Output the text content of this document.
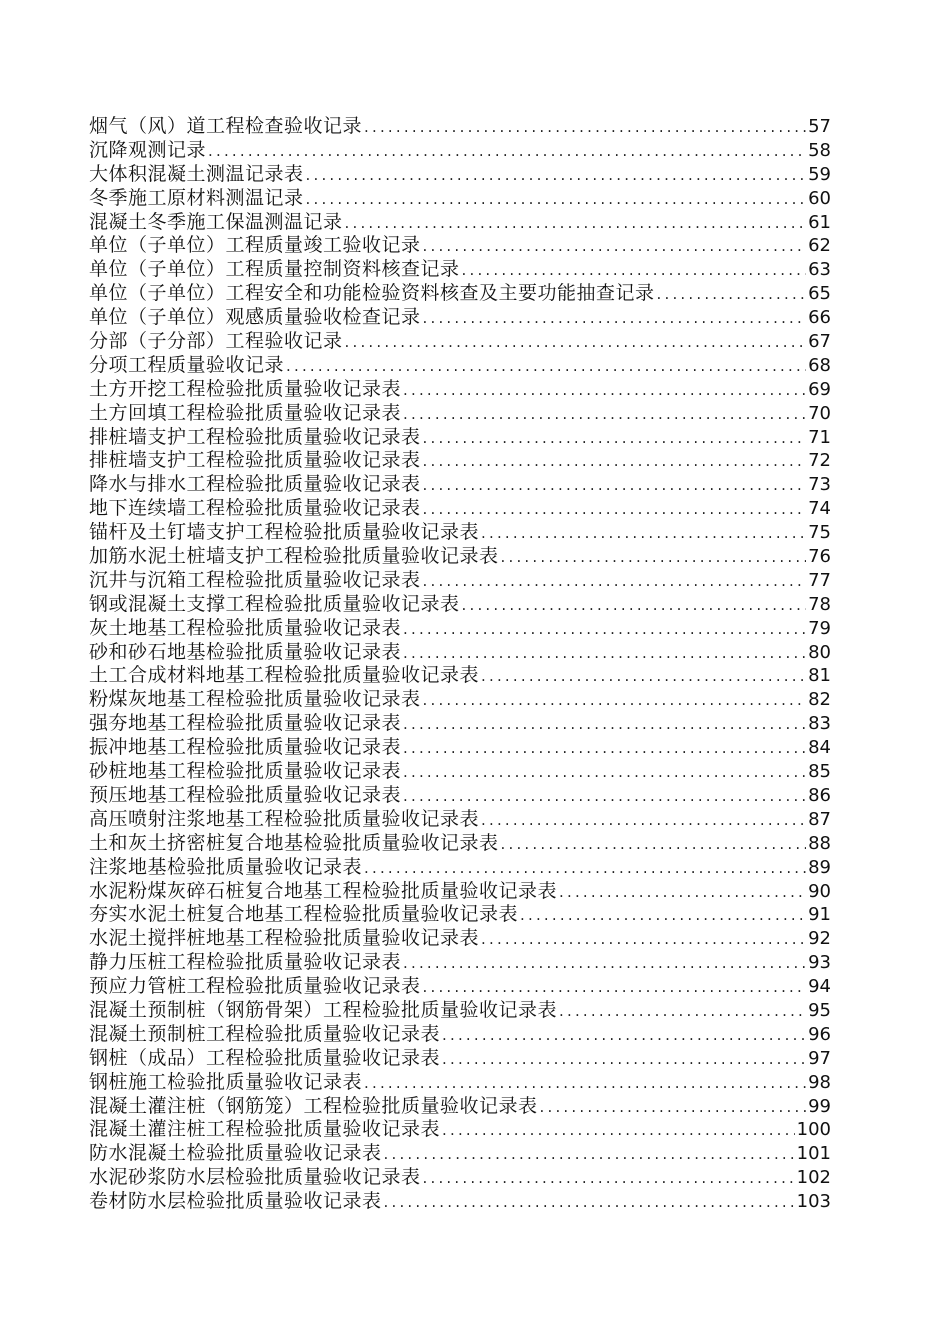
烟气（风）道工程检查验收记录 .....	57
沉降观测记录 .....	58
大体积混凝土测温记录表 .....	59
冬季施工原材料测温记录 .....	60
混凝土冬季施工保温测温记录 .....	61
单位（子单位）工程质量竣工验收记录 .....	62
单位（子单位）工程质量控制资料核查记录 .....	63
单位（子单位）工程安全和功能检验资料核查及主要功能抽查记录 .....	65
单位（子单位）观感质量验收检查记录 .....	66
分部（子分部）工程验收记录 .....	67
分项工程质量验收记录 .....	68
土方开挖工程检验批质量验收记录表 .....	69
土方回填工程检验批质量验收记录表 .....	70
排桩墙支护工程检验批质量验收记录表 .....	71
排桩墙支护工程检验批质量验收记录表 .....	72
降水与排水工程检验批质量验收记录表 .....	73
地下连续墙工程检验批质量验收记录表 .....	74
锚杆及土钉墙支护工程检验批质量验收记录表 .....	75
加筋水泥土桩墙支护工程检验批质量验收记录表 .....	76
沉井与沉箱工程检验批质量验收记录表 .....	77
钢或混凝土支撑工程检验批质量验收记录表 .....	78
灰土地基工程检验批质量验收记录表 .....	79
砂和砂石地基检验批质量验收记录表 .....	80
土工合成材料地基工程检验批质量验收记录表 .....	81
粉煤灰地基工程检验批质量验收记录表 .....	82
强夯地基工程检验批质量验收记录表 .....	83
振冲地基工程检验批质量验收记录表 .....	84
砂桩地基工程检验批质量验收记录表 .....	85
预压地基工程检验批质量验收记录表 .....	86
高压喷射注浆地基工程检验批质量验收记录表 .....	87
土和灰土挤密桩复合地基检验批质量验收记录表 .....	88
注浆地基检验批质量验收记录表 .....	89
水泥粉煤灰碎石桩复合地基工程检验批质量验收记录表 .....	90
夯实水泥土桩复合地基工程检验批质量验收记录表 .....	91
水泥土搅拌桩地基工程检验批质量验收记录表 .....	92
静力压桩工程检验批质量验收记录表 .....	93
预应力管桩工程检验批质量验收记录表 .....	94
混凝土预制桩（钢筋骨架）工程检验批质量验收记录表 .....	95
混凝土预制桩工程检验批质量验收记录表 .....	96
钢桩（成品）工程检验批质量验收记录表 .....	97
钢桩施工检验批质量验收记录表 .....	98
混凝土灌注桩（钢筋笼）工程检验批质量验收记录表 .....	99
混凝土灌注桩工程检验批质量验收记录表 .....	100
防水混凝土检验批质量验收记录表 .....	101
水泥砂浆防水层检验批质量验收记录表 .....	102
卷材防水层检验批质量验收记录表 .....	103
